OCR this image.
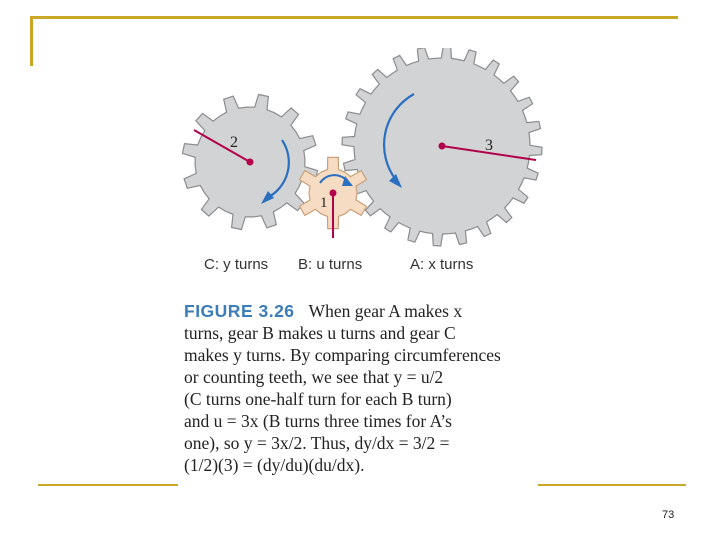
2
1
3
C: y turns B: u turns	A: x turns
FIGURE 3.26 When gear A makes x
turns, gear B makes u turns and gear C
makes y turns. By comparing circumferences
or counting teeth, we see that y = u/2
(C turns one-half turn for each B turn)
and u = 3x (B turns three times for A’s
one), so y = 3x/2. Thus, dy/dx = 3/2 =
(1/2)(3) = (dy/du)(du/dx).
73
